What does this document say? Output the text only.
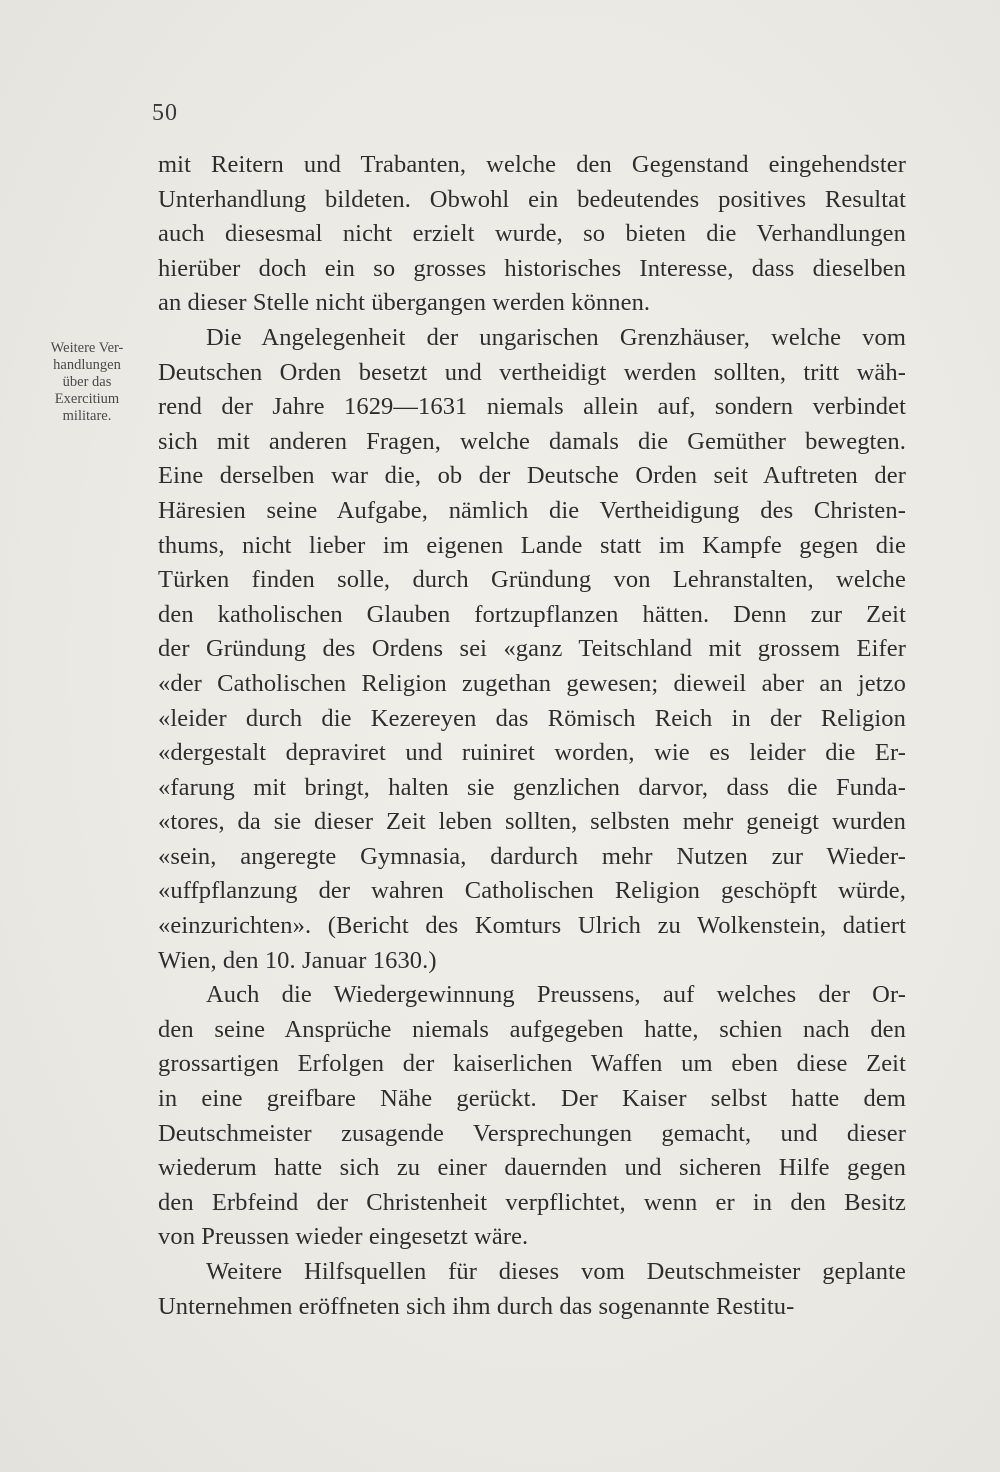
50
Weitere Ver-
handlungen
über das
Exercitium
militare.
mit Reitern und Trabanten, welche den Gegenstand eingehendster
Unterhandlung bildeten. Obwohl ein bedeutendes positives Resultat
auch diesesmal nicht erzielt wurde, so bieten die Verhandlungen
hierüber doch ein so grosses historisches Interesse, dass dieselben
an dieser Stelle nicht übergangen werden können.
Die Angelegenheit der ungarischen Grenzhäuser, welche vom
Deutschen Orden besetzt und vertheidigt werden sollten, tritt wäh-
rend der Jahre 1629—1631 niemals allein auf, sondern verbindet
sich mit anderen Fragen, welche damals die Gemüther bewegten.
Eine derselben war die, ob der Deutsche Orden seit Auftreten der
Häresien seine Aufgabe, nämlich die Vertheidigung des Christen-
thums, nicht lieber im eigenen Lande statt im Kampfe gegen die
Türken finden solle, durch Gründung von Lehranstalten, welche
den katholischen Glauben fortzupflanzen hätten. Denn zur Zeit
der Gründung des Ordens sei «ganz Teitschland mit grossem Eifer
«der Catholischen Religion zugethan gewesen; dieweil aber an jetzo
«leider durch die Kezereyen das Römisch Reich in der Religion
«dergestalt depraviret und ruiniret worden, wie es leider die Er-
«farung mit bringt, halten sie genzlichen darvor, dass die Funda-
«tores, da sie dieser Zeit leben sollten, selbsten mehr geneigt wurden
«sein, angeregte Gymnasia, dardurch mehr Nutzen zur Wieder-
«uffpflanzung der wahren Catholischen Religion geschöpft würde,
«einzurichten». (Bericht des Komturs Ulrich zu Wolkenstein, datiert
Wien, den 10. Januar 1630.)
Auch die Wiedergewinnung Preussens, auf welches der Or-
den seine Ansprüche niemals aufgegeben hatte, schien nach den
grossartigen Erfolgen der kaiserlichen Waffen um eben diese Zeit
in eine greifbare Nähe gerückt. Der Kaiser selbst hatte dem
Deutschmeister zusagende Versprechungen gemacht, und dieser
wiederum hatte sich zu einer dauernden und sicheren Hilfe gegen
den Erbfeind der Christenheit verpflichtet, wenn er in den Besitz
von Preussen wieder eingesetzt wäre.
Weitere Hilfsquellen für dieses vom Deutschmeister geplante
Unternehmen eröffneten sich ihm durch das sogenannte Restitu-
